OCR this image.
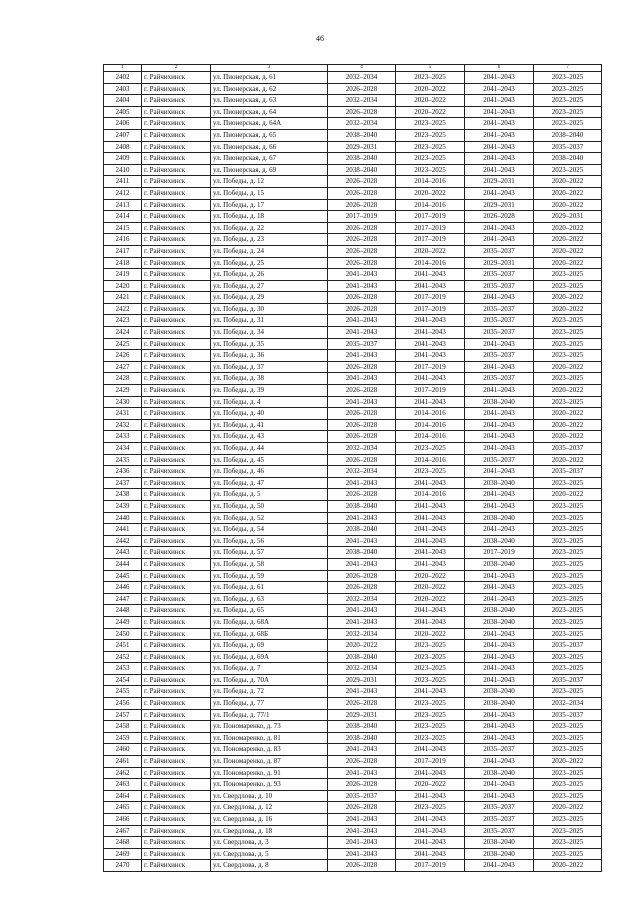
46
1	2	3	4	5	6	7
2402	г. Райчихинск	ул. Пионерская, д. 61	2032–2034	2023–2025	2041–2043	2023–2025
2403	г. Райчихинск	ул. Пионерская, д. 62	2026–2028	2020–2022	2041–2043	2023–2025
2404	г. Райчихинск	ул. Пионерская, д. 63	2032–2034	2020–2022	2041–2043	2023–2025
2405	г. Райчихинск	ул. Пионерская, д. 64	2026–2028	2020–2022	2041–2043	2023–2025
2406	г. Райчихинск	ул. Пионерская, д. 64А	2032–2034	2023–2025	2041–2043	2023–2025
2407	г. Райчихинск	ул. Пионерская, д. 65	2038–2040	2023–2025	2041–2043	2038–2040
2408	г. Райчихинск	ул. Пионерская, д. 66	2029–2031	2023–2025	2041–2043	2035–2037
2409	г. Райчихинск	ул. Пионерская, д. 67	2038–2040	2023–2025	2041–2043	2038–2040
2410	г. Райчихинск	ул. Пионерская, д. 69	2038–2040	2023–2025	2041–2043	2023–2025
2411	г. Райчихинск	ул. Победы, д. 12	2026–2028	2014–2016	2029–2031	2020–2022
2412	г. Райчихинск	ул. Победы, д. 15	2026–2028	2020–2022	2041–2043	2020–2022
2413	г. Райчихинск	ул. Победы, д. 17	2026–2028	2014–2016	2029–2031	2020–2022
2414	г. Райчихинск	ул. Победы, д. 18	2017–2019	2017–2019	2026–2028	2029–2031
2415	г. Райчихинск	ул. Победы, д. 22	2026–2028	2017–2019	2041–2043	2020–2022
2416	г. Райчихинск	ул. Победы, д. 23	2026–2028	2017–2019	2041–2043	2020–2022
2417	г. Райчихинск	ул. Победы, д. 24	2026–2028	2020–2022	2035–2037	2020–2022
2418	г. Райчихинск	ул. Победы, д. 25	2026–2028	2014–2016	2029–2031	2020–2022
2419	г. Райчихинск	ул. Победы, д. 26	2041–2043	2041–2043	2035–2037	2023–2025
2420	г. Райчихинск	ул. Победы, д. 27	2041–2043	2041–2043	2035–2037	2023–2025
2421	г. Райчихинск	ул. Победы, д. 29	2026–2028	2017–2019	2041–2043	2020–2022
2422	г. Райчихинск	ул. Победы, д. 30	2026–2028	2017–2019	2035–2037	2020–2022
2423	г. Райчихинск	ул. Победы, д. 31	2041–2043	2041–2043	2035–2037	2023–2025
2424	г. Райчихинск	ул. Победы, д. 34	2041–2043	2041–2043	2035–2037	2023–2025
2425	г. Райчихинск	ул. Победы, д. 35	2035–2037	2041–2043	2041–2043	2023–2025
2426	г. Райчихинск	ул. Победы, д. 36	2041–2043	2041–2043	2035–2037	2023–2025
2427	г. Райчихинск	ул. Победы, д. 37	2026–2028	2017–2019	2041–2043	2020–2022
2428	г. Райчихинск	ул. Победы, д. 38	2041–2043	2041–2043	2035–2037	2023–2025
2429	г. Райчихинск	ул. Победы, д. 39	2026–2028	2017–2019	2041–2043	2020–2022
2430	г. Райчихинск	ул. Победы, д. 4	2041–2043	2041–2043	2038–2040	2023–2025
2431	г. Райчихинск	ул. Победы, д. 40	2026–2028	2014–2016	2041–2043	2020–2022
2432	г. Райчихинск	ул. Победы, д. 41	2026–2028	2014–2016	2041–2043	2020–2022
2433	г. Райчихинск	ул. Победы, д. 43	2026–2028	2014–2016	2041–2043	2020–2022
2434	г. Райчихинск	ул. Победы, д. 44	2032–2034	2023–2025	2041–2043	2035–2037
2435	г. Райчихинск	ул. Победы, д. 45	2026–2028	2014–2016	2035–2037	2020–2022
2436	г. Райчихинск	ул. Победы, д. 46	2032–2034	2023–2025	2041–2043	2035–2037
2437	г. Райчихинск	ул. Победы, д. 47	2041–2043	2041–2043	2038–2040	2023–2025
2438	г. Райчихинск	ул. Победы, д. 5	2026–2028	2014–2016	2041–2043	2020–2022
2439	г. Райчихинск	ул. Победы, д. 50	2038–2040	2041–2043	2041–2043	2023–2025
2440	г. Райчихинск	ул. Победы, д. 52	2041–2043	2041–2043	2038–2040	2023–2025
2441	г. Райчихинск	ул. Победы, д. 54	2038–2040	2041–2043	2041–2043	2023–2025
2442	г. Райчихинск	ул. Победы, д. 56	2041–2043	2041–2043	2038–2040	2023–2025
2443	г. Райчихинск	ул. Победы, д. 57	2038–2040	2041–2043	2017–2019	2023–2025
2444	г. Райчихинск	ул. Победы, д. 58	2041–2043	2041–2043	2038–2040	2023–2025
2445	г. Райчихинск	ул. Победы, д. 59	2026–2028	2020–2022	2041–2043	2023–2025
2446	г. Райчихинск	ул. Победы, д. 61	2026–2028	2020–2022	2041–2043	2023–2025
2447	г. Райчихинск	ул. Победы, д. 63	2032–2034	2020–2022	2041–2043	2023–2025
2448	г. Райчихинск	ул. Победы, д. 65	2041–2043	2041–2043	2038–2040	2023–2025
2449	г. Райчихинск	ул. Победы, д. 68А	2041–2043	2041–2043	2038–2040	2023–2025
2450	г. Райчихинск	ул. Победы, д. 68Б	2032–2034	2020–2022	2041–2043	2023–2025
2451	г. Райчихинск	ул. Победы, д. 69	2020–2022	2023–2025	2041–2043	2035–2037
2452	г. Райчихинск	ул. Победы, д. 69А	2038–2040	2023–2025	2041–2043	2023–2025
2453	г. Райчихинск	ул. Победы, д. 7	2032–2034	2023–2025	2041–2043	2023–2025
2454	г. Райчихинск	ул. Победы, д. 70А	2029–2031	2023–2025	2041–2043	2035–2037
2455	г. Райчихинск	ул. Победы, д. 72	2041–2043	2041–2043	2038–2040	2023–2025
2456	г. Райчихинск	ул. Победы, д. 77	2026–2028	2023–2025	2038–2040	2032–2034
2457	г. Райчихинск	ул. Победы, д. 77/1	2029–2031	2023–2025	2041–2043	2035–2037
2458	г. Райчихинск	ул. Пономаренко, д. 73	2038–2040	2023–2025	2041–2043	2023–2025
2459	г. Райчихинск	ул. Пономаренко, д. 81	2038–2040	2023–2025	2041–2043	2023–2025
2460	г. Райчихинск	ул. Пономаренко, д. 83	2041–2043	2041–2043	2035–2037	2023–2025
2461	г. Райчихинск	ул. Пономаренко, д. 87	2026–2028	2017–2019	2041–2043	2020–2022
2462	г. Райчихинск	ул. Пономаренко, д. 91	2041–2043	2041–2043	2038–2040	2023–2025
2463	г. Райчихинск	ул. Пономаренко, д. 93	2026–2028	2020–2022	2041–2043	2023–2025
2464	г. Райчихинск	ул. Свердлова, д. 10	2035–2037	2041–2043	2041–2043	2023–2025
2465	г. Райчихинск	ул. Свердлова, д. 12	2026–2028	2023–2025	2035–2037	2020–2022
2466	г. Райчихинск	ул. Свердлова, д. 16	2041–2043	2041–2043	2035–2037	2023–2025
2467	г. Райчихинск	ул. Свердлова, д. 18	2041–2043	2041–2043	2035–2037	2023–2025
2468	г. Райчихинск	ул. Свердлова, д. 3	2041–2043	2041–2043	2038–2040	2023–2025
2469	г. Райчихинск	ул. Свердлова, д. 5	2041–2043	2041–2043	2038–2040	2023–2025
2470	г. Райчихинск	ул. Свердлова, д. 8	2026–2028	2017–2019	2041–2043	2020–2022
